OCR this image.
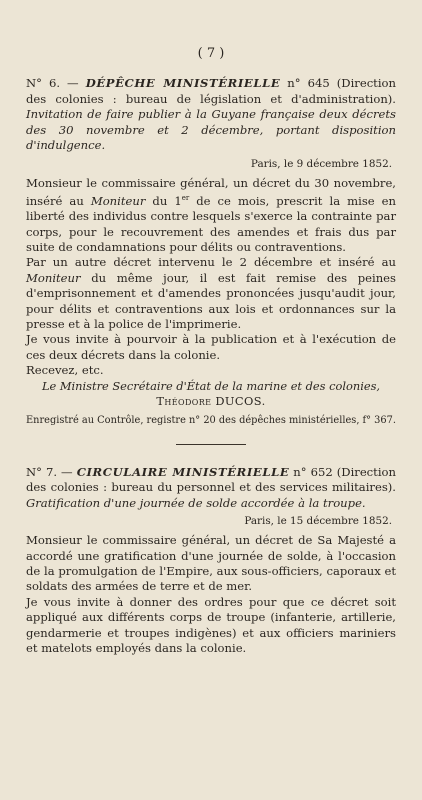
( 7 )

N° 6. — DÉPÊCHE MINISTÉRIELLE n° 645 (Direction des colonies : bureau de législation et d'administration). Invitation de faire publier à la Guyane française deux décrets des 30 novembre et 2 décembre, portant disposition d'indulgence.

Paris, le 9 décembre 1852.

Monsieur le commissaire général, un décret du 30 novembre, inséré au Moniteur du 1er de ce mois, prescrit la mise en liberté des individus contre lesquels s'exerce la contrainte par corps, pour le recouvrement des amendes et frais dus par suite de condamnations pour délits ou contraventions.

Par un autre décret intervenu le 2 décembre et inséré au Moniteur du même jour, il est fait remise des peines d'emprisonnement et d'amendes prononcées jusqu'audit jour, pour délits et contraventions aux lois et ordonnances sur la presse et à la police de l'imprimerie.

Je vous invite à pourvoir à la publication et à l'exécution de ces deux décrets dans la colonie.

Recevez, etc.

Le Ministre Secrétaire d'État de la marine et des colonies,
Théodore DUCOS.
Enregistré au Contrôle, registre n° 20 des dépêches ministérielles, f° 367.

N° 7. — CIRCULAIRE MINISTÉRIELLE n° 652 (Direction des colonies : bureau du personnel et des services militaires). Gratification d'une journée de solde accordée à la troupe.

Paris, le 15 décembre 1852.

Monsieur le commissaire général, un décret de Sa Majesté a accordé une gratification d'une journée de solde, à l'occasion de la promulgation de l'Empire, aux sous-officiers, caporaux et soldats des armées de terre et de mer.

Je vous invite à donner des ordres pour que ce décret soit appliqué aux différents corps de troupe (infanterie, artillerie, gendarmerie et troupes indigènes) et aux officiers mariniers et matelots employés dans la colonie.
